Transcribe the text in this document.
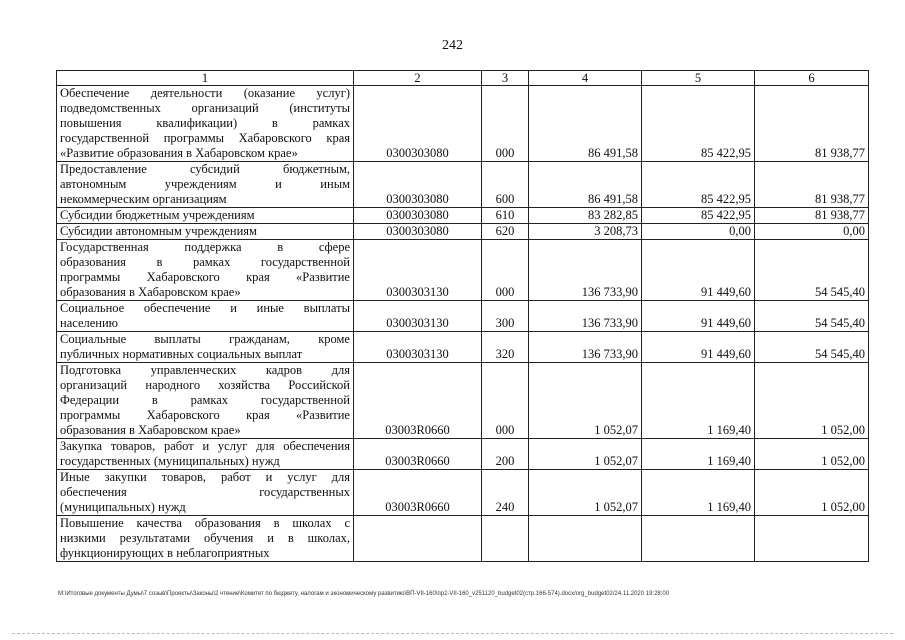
242
1	2	3	4	5	6

Обеспечение деятельности (оказание услуг)
подведомственных организаций (институты
повышения квалификации) в рамках
государственной программы Хабаровского края
«Развитие образования в Хабаровском крае»	0300303080	000	86 491,58	85 422,95	81 938,77

Предоставление субсидий бюджетным,
автономным учреждениям и иным
некоммерческим организациям	0300303080	600	86 491,58	85 422,95	81 938,77

Субсидии бюджетным учреждениям	0300303080	610	83 282,85	85 422,95	81 938,77

Субсидии автономным учреждениям	0300303080	620	3 208,73	0,00	0,00

Государственная поддержка в сфере
образования в рамках государственной
программы Хабаровского края «Развитие
образования в Хабаровском крае»	0300303130	000	136 733,90	91 449,60	54 545,40

Социальное обеспечение и иные выплаты
населению	0300303130	300	136 733,90	91 449,60	54 545,40

Социальные выплаты гражданам, кроме
публичных нормативных социальных выплат	0300303130	320	136 733,90	91 449,60	54 545,40

Подготовка управленческих кадров для
организаций народного хозяйства Российской
Федерации в рамках государственной
программы Хабаровского края «Развитие
образования в Хабаровском крае»	03003R0660	000	1 052,07	1 169,40	1 052,00

Закупка товаров, работ и услуг для обеспечения
государственных (муниципальных) нужд	03003R0660	200	1 052,07	1 169,40	1 052,00

Иные закупки товаров, работ и услуг для
обеспечения государственных
(муниципальных) нужд	03003R0660	240	1 052,07	1 169,40	1 052,00

Повышение качества образования в школах с
низкими результатами обучения и в школах,
функционирующих в неблагоприятных					

M:\Итоговые документы Думы\7 созыв\Проекты\Законы\2 чтение\Комитет по бюджету, налогам и экономическому развитию\ВП-VII-160\пр2-VII-160_v251120_budget02(стр.166-574).docx/org_budget02/24.11.2020 19:28:00
